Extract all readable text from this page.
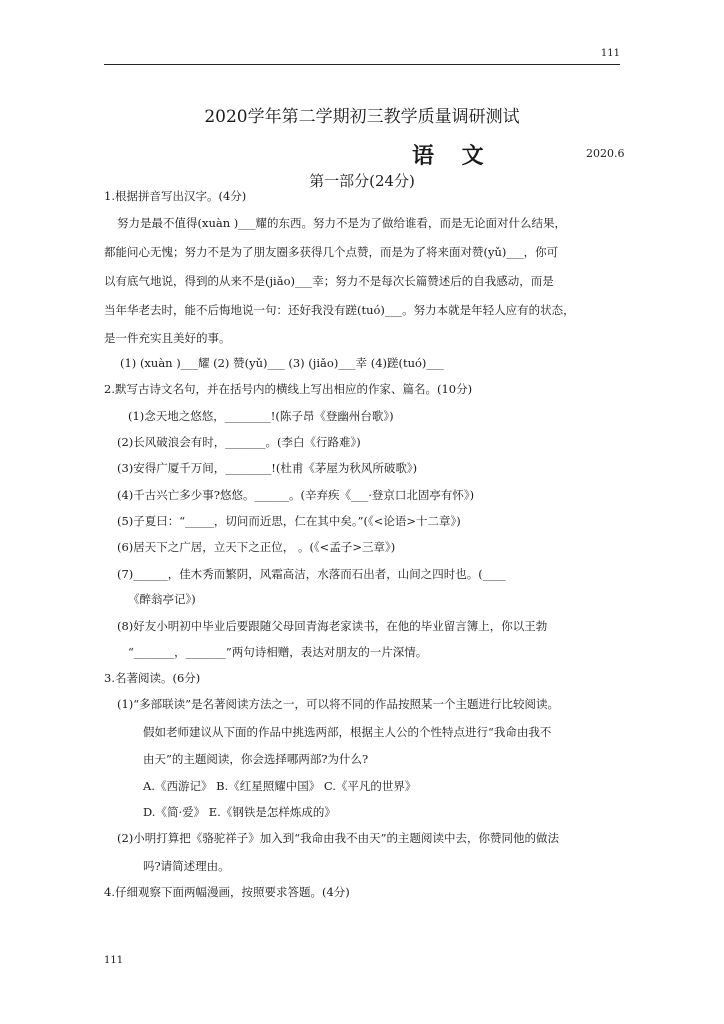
111
2020学年第二学期初三教学质量调研测试
语 文	2020.6
第一部分(24分)
1.根据拼音写出汉字。(4分)
努力是最不值得(xuàn )___耀的东西。努力不是为了做给谁看，而是无论面对什么结果，
都能问心无愧；努力不是为了朋友圈多获得几个点赞，而是为了将来面对赞(yǔ)___，你可
以有底气地说，得到的从来不是(jiǎo)___幸；努力不是每次长篇赞述后的自我感动，而是
当年华老去时，能不后悔地说一句：还好我没有蹉(tuó)___。努力本就是年轻人应有的状态，
是一件充实且美好的事。
(1) (xuàn )___耀 (2) 赞(yǔ)___ (3) (jiǎo)___幸 (4)蹉(tuó)___
2.默写古诗文名句，并在括号内的横线上写出相应的作家、篇名。(10分)
(1)念天地之悠悠，________!(陈子昂《登幽州台歌》)
(2)长风破浪会有时，_______。(李白《行路难》)
(3)安得广厦千万间，________!(杜甫《茅屋为秋风所破歌》)
(4)千古兴亡多少事?悠悠。______。(辛弃疾《___·登京口北固亭有怀》)
(5)子夏曰：“_____，切问而近思，仁在其中矣。”(《<论语>十二章》)
(6)居天下之广居，立天下之正位， 。(《<孟子>三章》)
(7)______，佳木秀而繁阴，风霜高洁，水落而石出者，山间之四时也。(____
《醉翁亭记》)
(8)好友小明初中毕业后要跟随父母回青海老家读书，在他的毕业留言簿上，你以王勃
“_______，_______”两句诗相赠，表达对朋友的一片深情。
3.名著阅读。(6分)
(1)“多部联读”是名著阅读方法之一，可以将不同的作品按照某一个主题进行比较阅读。
假如老师建议从下面的作品中挑选两部，根据主人公的个性特点进行“我命由我不
由天”的主题阅读，你会选择哪两部?为什么?
A.《西游记》 B.《红星照耀中国》 C.《平凡的世界》
D.《简·爱》 E.《钢铁是怎样炼成的》
(2)小明打算把《骆驼祥子》加入到“我命由我不由天”的主题阅读中去，你赞同他的做法
吗?请简述理由。
4.仔细观察下面两幅漫画，按照要求答题。(4分)
111
